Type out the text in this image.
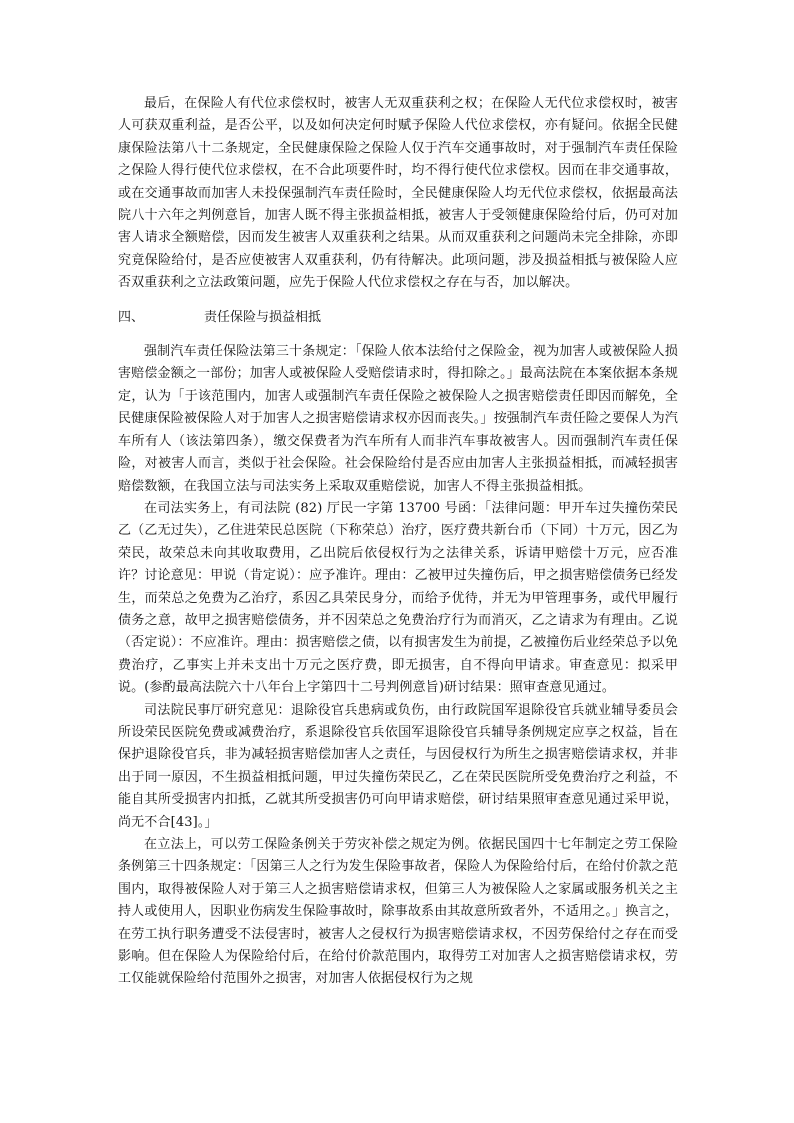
最后，在保险人有代位求偿权时，被害人无双重获利之权；在保险人无代位求偿权时，被害人可获双重利益，是否公平，以及如何决定何时赋予保险人代位求偿权，亦有疑问。依据全民健康保险法第八十二条规定，全民健康保险之保险人仅于汽车交通事故时，对于强制汽车责任保险之保险人得行使代位求偿权，在不合此项要件时，均不得行使代位求偿权。因而在非交通事故，或在交通事故而加害人未投保强制汽车责任险时，全民健康保险人均无代位求偿权，依据最高法院八十六年之判例意旨，加害人既不得主张损益相抵，被害人于受领健康保险给付后，仍可对加害人请求全额赔偿，因而发生被害人双重获利之结果。从而双重获利之问题尚未完全排除，亦即究竟保险给付，是否应使被害人双重获利，仍有待解决。此项问题，涉及损益相抵与被保险人应否双重获利之立法政策问题，应先于保险人代位求偿权之存在与否，加以解决。

四、	责任保险与损益相抵

强制汽车责任保险法第三十条规定：「保险人依本法给付之保险金，视为加害人或被保险人损害赔偿金额之一部份；加害人或被保险人受赔偿请求时，得扣除之。」最高法院在本案依据本条规定，认为「于该范围内，加害人或强制汽车责任保险之被保险人之损害赔偿责任即因而解免，全民健康保险被保险人对于加害人之损害赔偿请求权亦因而丧失。」按强制汽车责任险之要保人为汽车所有人（该法第四条），缴交保费者为汽车所有人而非汽车事故被害人。因而强制汽车责任保险，对被害人而言，类似于社会保险。社会保险给付是否应由加害人主张损益相抵，而减轻损害赔偿数额，在我国立法与司法实务上采取双重赔偿说，加害人不得主张损益相抵。

在司法实务上，有司法院 (82) 厅民一字第 13700 号函：「法律问题：甲开车过失撞伤荣民乙（乙无过失），乙住进荣民总医院（下称荣总）治疗，医疗费共新台币（下同）十万元，因乙为荣民，故荣总未向其收取费用，乙出院后依侵权行为之法律关系，诉请甲赔偿十万元，应否准许？讨论意见：甲说（肯定说）：应予准许。理由：乙被甲过失撞伤后，甲之损害赔偿债务已经发生，而荣总之免费为乙治疗，系因乙具荣民身分，而给予优待，并无为甲管理事务，或代甲履行债务之意，故甲之损害赔偿债务，并不因荣总之免费治疗行为而消灭，乙之请求为有理由。乙说（否定说）：不应准许。理由：损害赔偿之债，以有损害发生为前提，乙被撞伤后业经荣总予以免费治疗，乙事实上并未支出十万元之医疗费，即无损害，自不得向甲请求。审查意见：拟采甲说。(参酌最高法院六十八年台上字第四十二号判例意旨)研讨结果：照审查意见通过。

司法院民事厅研究意见：退除役官兵患病或负伤，由行政院国军退除役官兵就业辅导委员会所设荣民医院免费或减费治疗，系退除役官兵依国军退除役官兵辅导条例规定应享之权益，旨在保护退除役官兵，非为减轻损害赔偿加害人之责任，与因侵权行为所生之损害赔偿请求权，并非出于同一原因，不生损益相抵问题，甲过失撞伤荣民乙，乙在荣民医院所受免费治疗之利益，不能自其所受损害内扣抵，乙就其所受损害仍可向甲请求赔偿，研讨结果照审查意见通过采甲说，尚无不合[43]。」

在立法上，可以劳工保险条例关于劳灾补偿之规定为例。依据民国四十七年制定之劳工保险条例第三十四条规定：「因第三人之行为发生保险事故者，保险人为保险给付后，在给付价款之范围内，取得被保险人对于第三人之损害赔偿请求权，但第三人为被保险人之家属或服务机关之主持人或使用人，因职业伤病发生保险事故时，除事故系由其故意所致者外，不适用之。」换言之，在劳工执行职务遭受不法侵害时，被害人之侵权行为损害赔偿请求权，不因劳保给付之存在而受影响。但在保险人为保险给付后，在给付价款范围内，取得劳工对加害人之损害赔偿请求权，劳工仅能就保险给付范围外之损害，对加害人依据侵权行为之规
